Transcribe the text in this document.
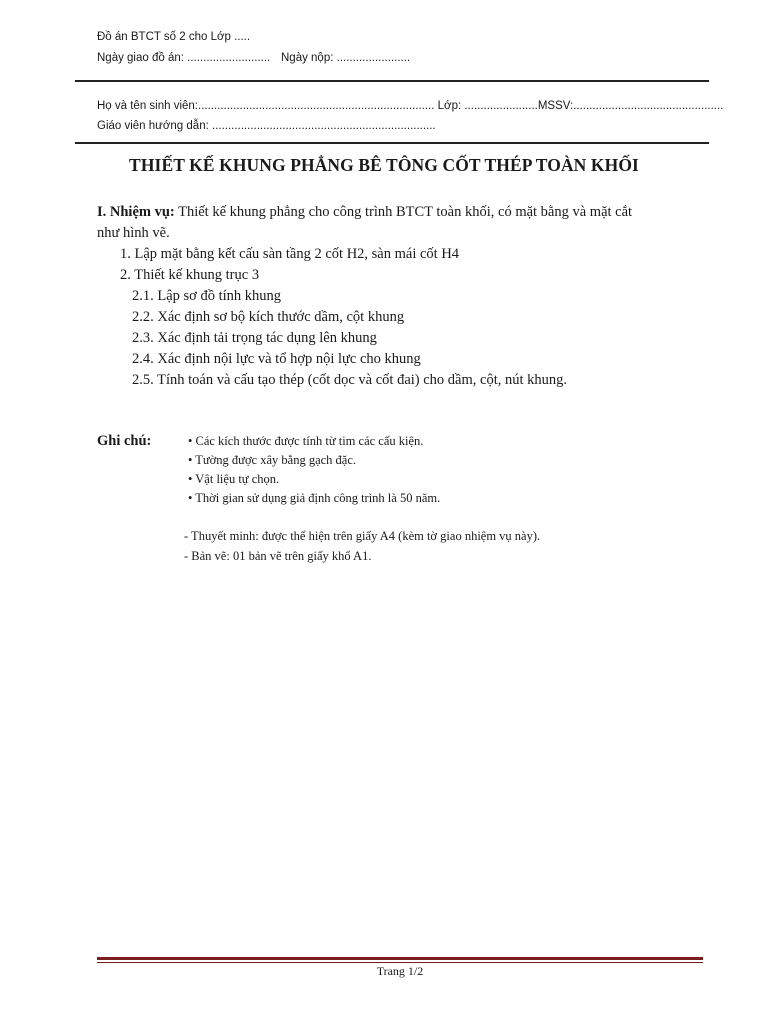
Đồ án BTCT số 2 cho Lớp .....
Ngày giao đồ án: .......................... Ngày nộp: .......................
Họ và tên sinh viên:.......................................................................... Lớp: .......................MSSV:...............................................
Giáo viên hướng dẫn: ......................................................................
THIẾT KẾ KHUNG PHẲNG BÊ TÔNG CỐT THÉP TOÀN KHỐI
I. Nhiệm vụ: Thiết kế khung phẳng cho công trình BTCT toàn khối, có mặt bằng và mặt cắt
như hình vẽ.
1. Lập mặt bằng kết cấu sàn tầng 2 cốt H2, sàn mái cốt H4
2. Thiết kế khung trục 3
2.1. Lập sơ đồ tính khung
2.2. Xác định sơ bộ kích thước dầm, cột khung
2.3. Xác định tải trọng tác dụng lên khung
2.4. Xác định nội lực và tổ hợp nội lực cho khung
2.5. Tính toán và cấu tạo thép (cốt dọc và cốt đai) cho dầm, cột, nút khung.
Ghi chú:	• Các kích thước được tính từ tim các cấu kiện.
• Tường được xây bằng gạch đặc.
• Vật liệu tự chọn.
• Thời gian sử dụng giả định công trình là 50 năm.
- Thuyết minh: được thể hiện trên giấy A4 (kèm tờ giao nhiệm vụ này).
- Bản vẽ: 01 bản vẽ trên giấy khổ A1.
Trang 1/2
